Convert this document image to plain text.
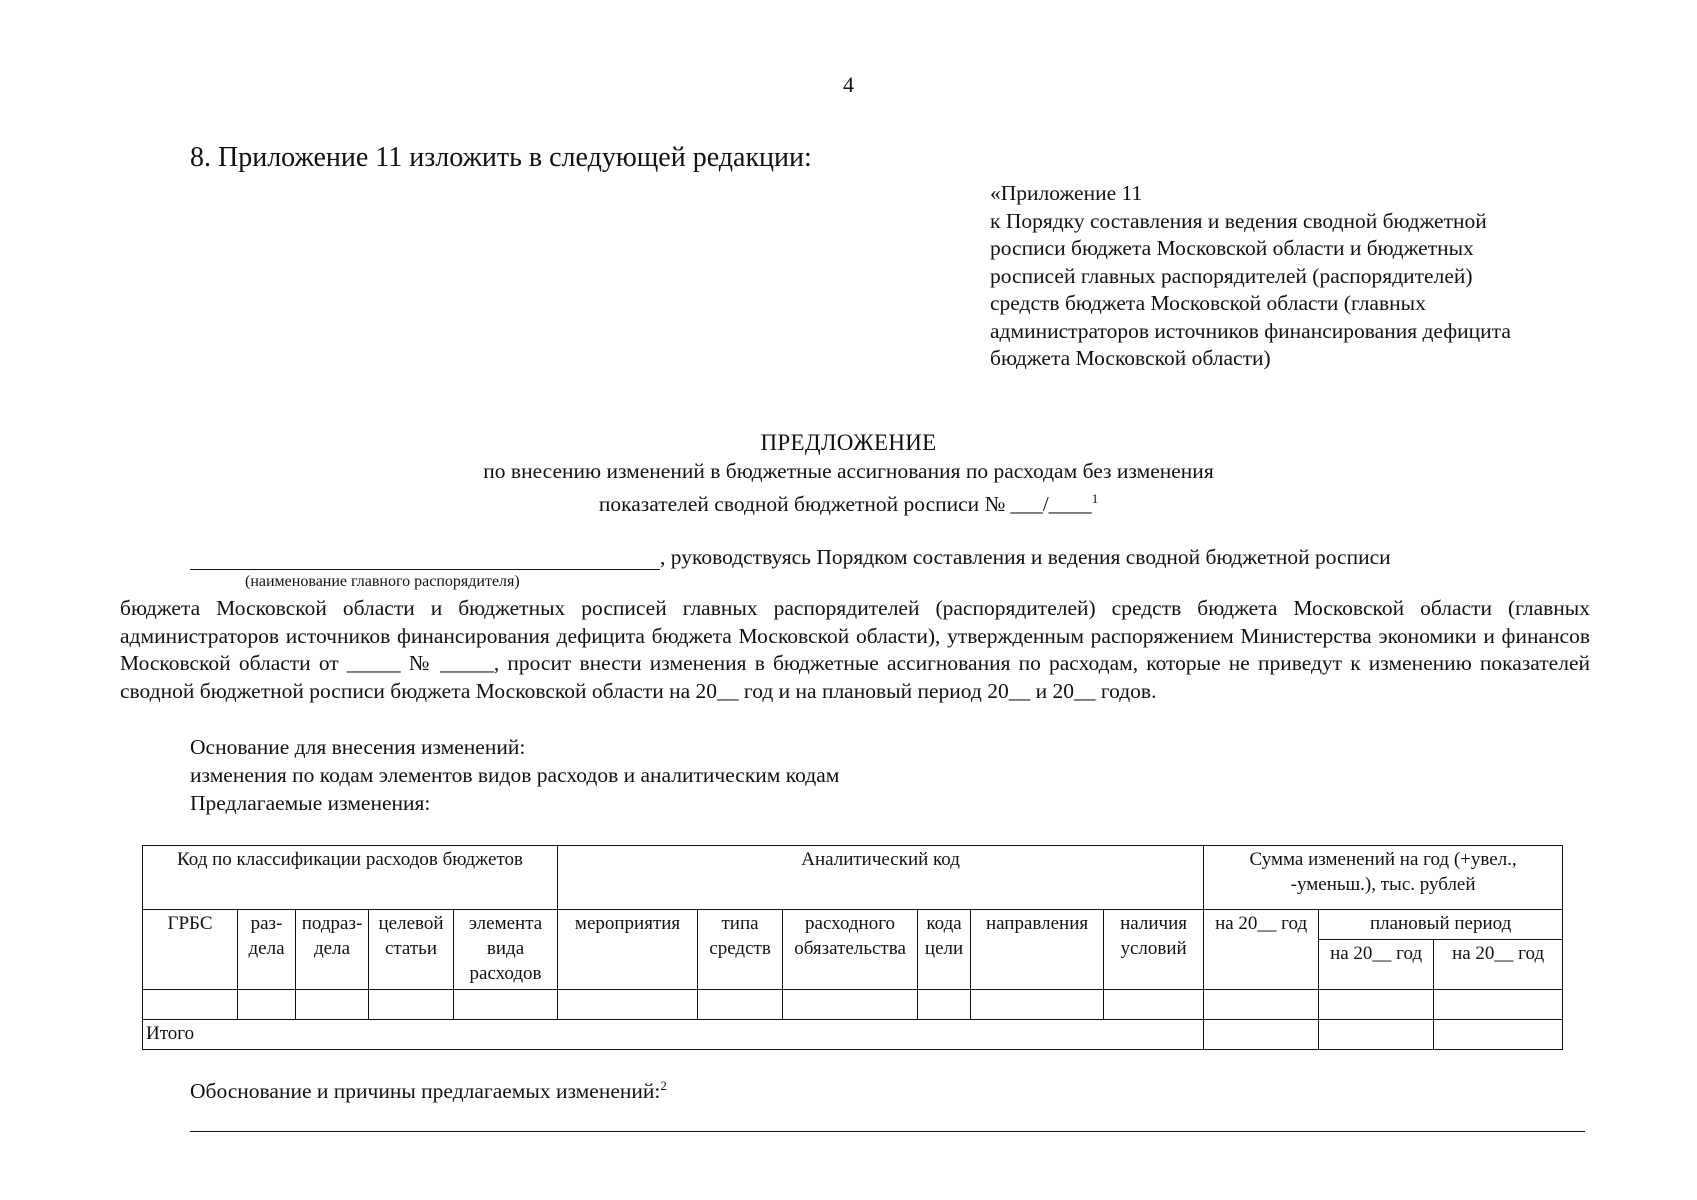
4
8. Приложение 11 изложить в следующей редакции:
«Приложение 11
к Порядку составления и ведения сводной бюджетной
росписи бюджета Московской области и бюджетных
росписей главных распорядителей (распорядителей)
средств бюджета Московской области (главных
администраторов источников финансирования дефицита
бюджета Московской области)
ПРЕДЛОЖЕНИЕ
по внесению изменений в бюджетные ассигнования по расходам без изменения
показателей сводной бюджетной росписи № ___/____$^1$
, руководствуясь Порядком составления и ведения сводной бюджетной росписи
(наименование главного распорядителя)
бюджета Московской области и бюджетных росписей главных распорядителей (распорядителей) средств бюджета Московской области (главных администраторов источников финансирования дефицита бюджета Московской области), утвержденным распоряжением Министерства экономики и финансов Московской области от _____ № _____, просит внести изменения в бюджетные ассигнования по расходам, которые не приведут к изменению показателей сводной бюджетной росписи бюджета Московской области на 20__ год и на плановый период 20__ и 20__ годов.
Основание для внесения изменений:
изменения по кодам элементов видов расходов и аналитическим кодам
Предлагаемые изменения:
Код по классификации расходов бюджетов					Аналитический код						Сумма изменений на год (+увел., -уменьш.), тыс. рублей		
ГРБС	раз-дела	подраз-дела	целевой статьи	элемента вида расходов	мероприятия	типа средств	расходного обязательства	кода цели	направления	наличия условий	на 20__ год	плановый период	
												на 20__ год	на 20__ год

Итого													
Обоснование и причины предлагаемых изменений:$^2$
